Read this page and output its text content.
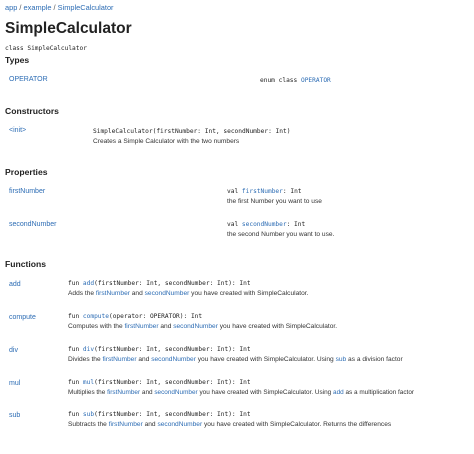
app / example / SimpleCalculator
SimpleCalculator
class SimpleCalculator
Types
OPERATOR	enum class OPERATOR
Constructors
<init>	SimpleCalculator(firstNumber: Int, secondNumber: Int)
Creates a Simple Calculator with the two numbers
Properties
firstNumber	val firstNumber: Int
the first Number you want to use
secondNumber	val secondNumber: Int
the second Number you want to use.
Functions
add	fun add(firstNumber: Int, secondNumber: Int): Int
Adds the firstNumber and secondNumber you have created with SimpleCalculator.
compute	fun compute(operator: OPERATOR): Int
Computes with the firstNumber and secondNumber you have created with SimpleCalculator.
div	fun div(firstNumber: Int, secondNumber: Int): Int
Divides the firstNumber and secondNumber you have created with SimpleCalculator. Using sub as a division factor
mul	fun mul(firstNumber: Int, secondNumber: Int): Int
Multiplies the firstNumber and secondNumber you have created with SimpleCalculator. Using add as a multiplication factor
sub	fun sub(firstNumber: Int, secondNumber: Int): Int
Subtracts the firstNumber and secondNumber you have created with SimpleCalculator. Returns the differences
